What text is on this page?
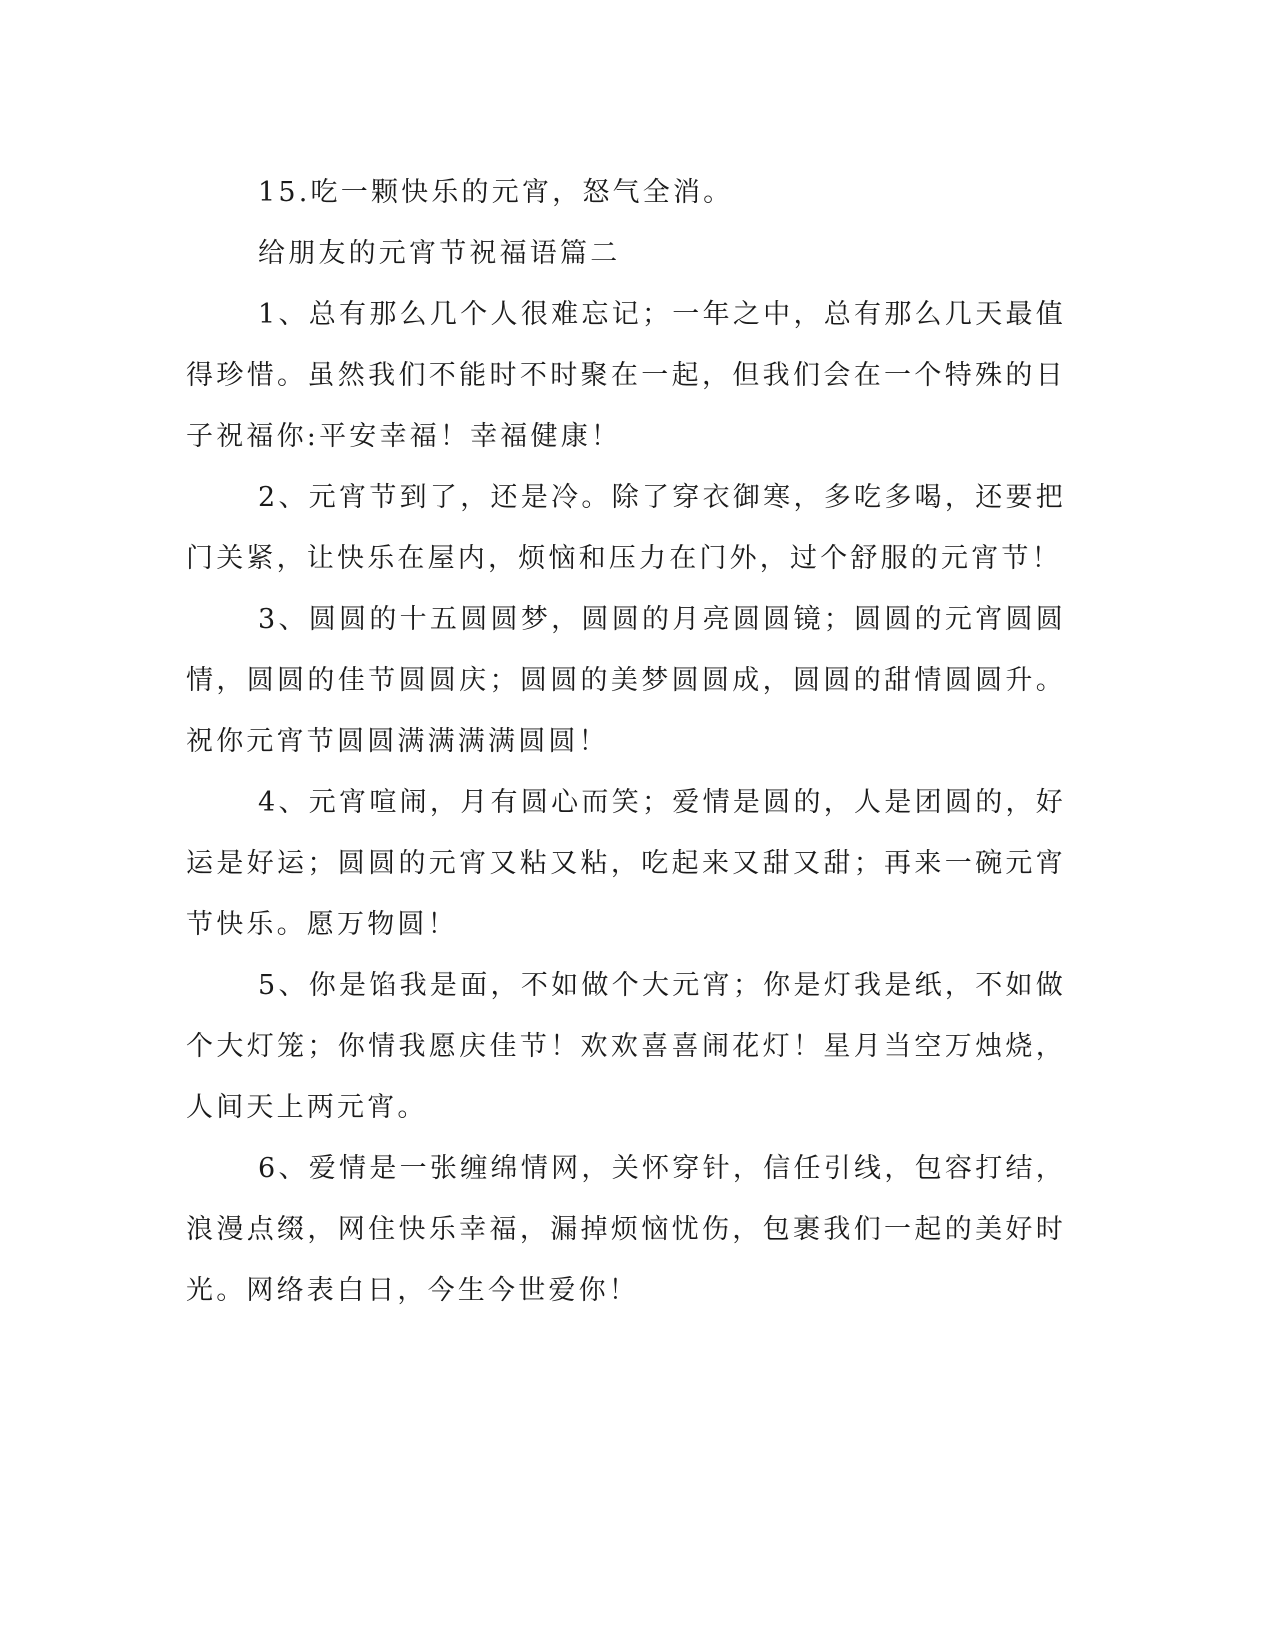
15.吃一颗快乐的元宵，怒气全消。

给朋友的元宵节祝福语篇二

1、总有那么几个人很难忘记；一年之中，总有那么几天最值得珍惜。虽然我们不能时不时聚在一起，但我们会在一个特殊的日子祝福你:平安幸福！幸福健康！

2、元宵节到了，还是冷。除了穿衣御寒，多吃多喝，还要把门关紧，让快乐在屋内，烦恼和压力在门外，过个舒服的元宵节！

3、圆圆的十五圆圆梦，圆圆的月亮圆圆镜；圆圆的元宵圆圆情，圆圆的佳节圆圆庆；圆圆的美梦圆圆成，圆圆的甜情圆圆升。祝你元宵节圆圆满满满满圆圆！

4、元宵喧闹，月有圆心而笑；爱情是圆的，人是团圆的，好运是好运；圆圆的元宵又粘又粘，吃起来又甜又甜；再来一碗元宵节快乐。愿万物圆！

5、你是馅我是面，不如做个大元宵；你是灯我是纸，不如做个大灯笼；你情我愿庆佳节！欢欢喜喜闹花灯！星月当空万烛烧，人间天上两元宵。

6、爱情是一张缠绵情网，关怀穿针，信任引线，包容打结，浪漫点缀，网住快乐幸福，漏掉烦恼忧伤，包裹我们一起的美好时光。网络表白日，今生今世爱你！
